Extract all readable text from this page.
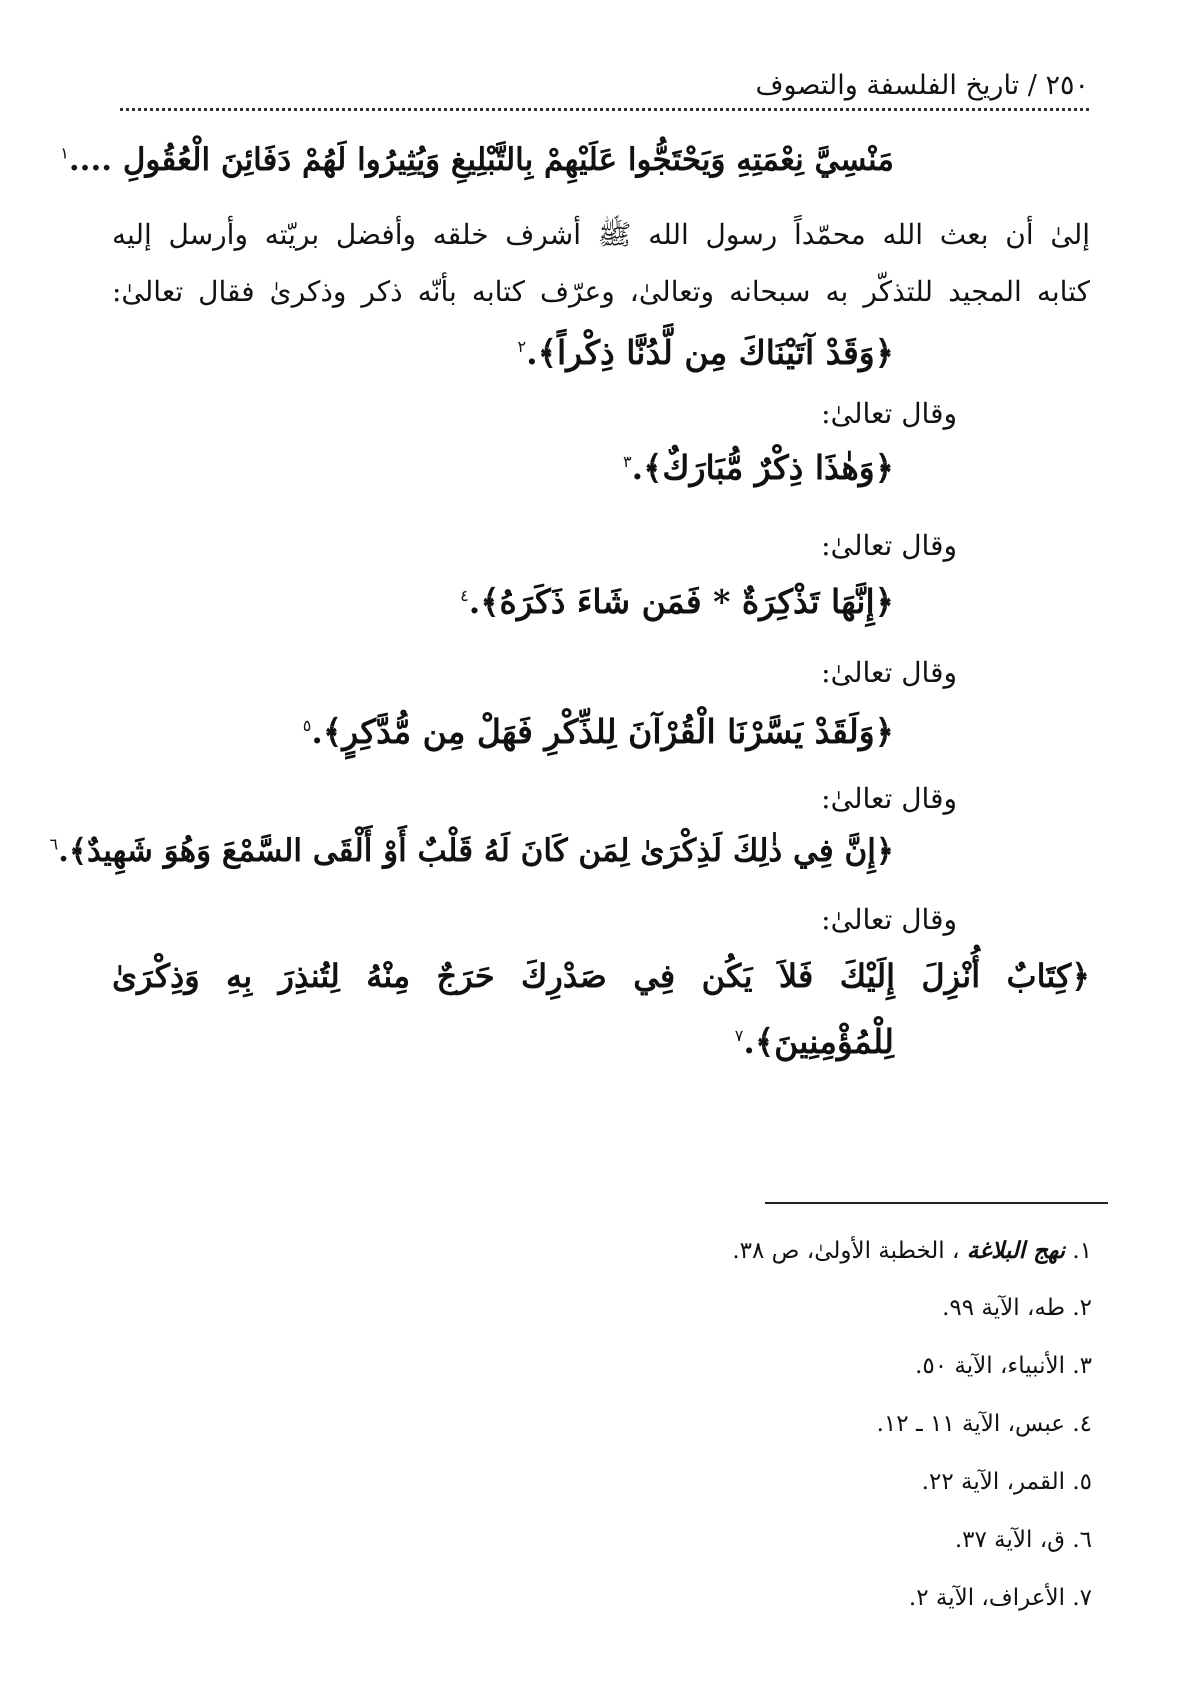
٢٥٠ / تاريخ الفلسفة والتصوف
مَنْسِيَّ نِعْمَتِهِ وَيَحْتَجُّوا عَلَيْهِمْ بِالتَّبْلِيغِ وَيُثِيرُوا لَهُمْ دَفَائِنَ الْعُقُولِ ....$^١$
إلىٰ أن بعث الله محمّداً رسول الله ﷺ أشرف خلقه وأفضل بريّته وأرسل إليه
كتابه المجيد للتذكّر به سبحانه وتعالىٰ، وعرّف كتابه بأنّه ذكر وذكرىٰ فقال تعالىٰ:
﴿وَقَدْ آتَيْنَاكَ مِن لَّدُنَّا ذِكْراً﴾.$^٢$
وقال تعالىٰ:
﴿وَهٰذَا ذِكْرٌ مُّبَارَكٌ﴾.$^٣$
وقال تعالىٰ:
﴿إِنَّهَا تَذْكِرَةٌ * فَمَن شَاءَ ذَكَرَهُ﴾.$^٤$
وقال تعالىٰ:
﴿وَلَقَدْ يَسَّرْنَا الْقُرْآنَ لِلذِّكْرِ فَهَلْ مِن مُّدَّكِرٍ﴾.$^٥$
وقال تعالىٰ:
﴿إِنَّ فِي ذٰلِكَ لَذِكْرَىٰ لِمَن كَانَ لَهُ قَلْبٌ أَوْ أَلْقَى السَّمْعَ وَهُوَ شَهِيدٌ﴾.$^٦$
وقال تعالىٰ:
﴿كِتَابٌ أُنْزِلَ إِلَيْكَ فَلاَ يَكُن فِي صَدْرِكَ حَرَجٌ مِنْهُ لِتُنذِرَ بِهِ وَذِكْرَىٰ
لِلْمُؤْمِنِينَ﴾.$^٧$
١. نهج البلاغة ، الخطبة الأولىٰ، ص ٣٨.
٢. طه، الآية ٩٩.
٣. الأنبياء، الآية ٥٠.
٤. عبس، الآية ١١ ـ ١٢.
٥. القمر، الآية ٢٢.
٦. ق، الآية ٣٧.
٧. الأعراف، الآية ٢.
